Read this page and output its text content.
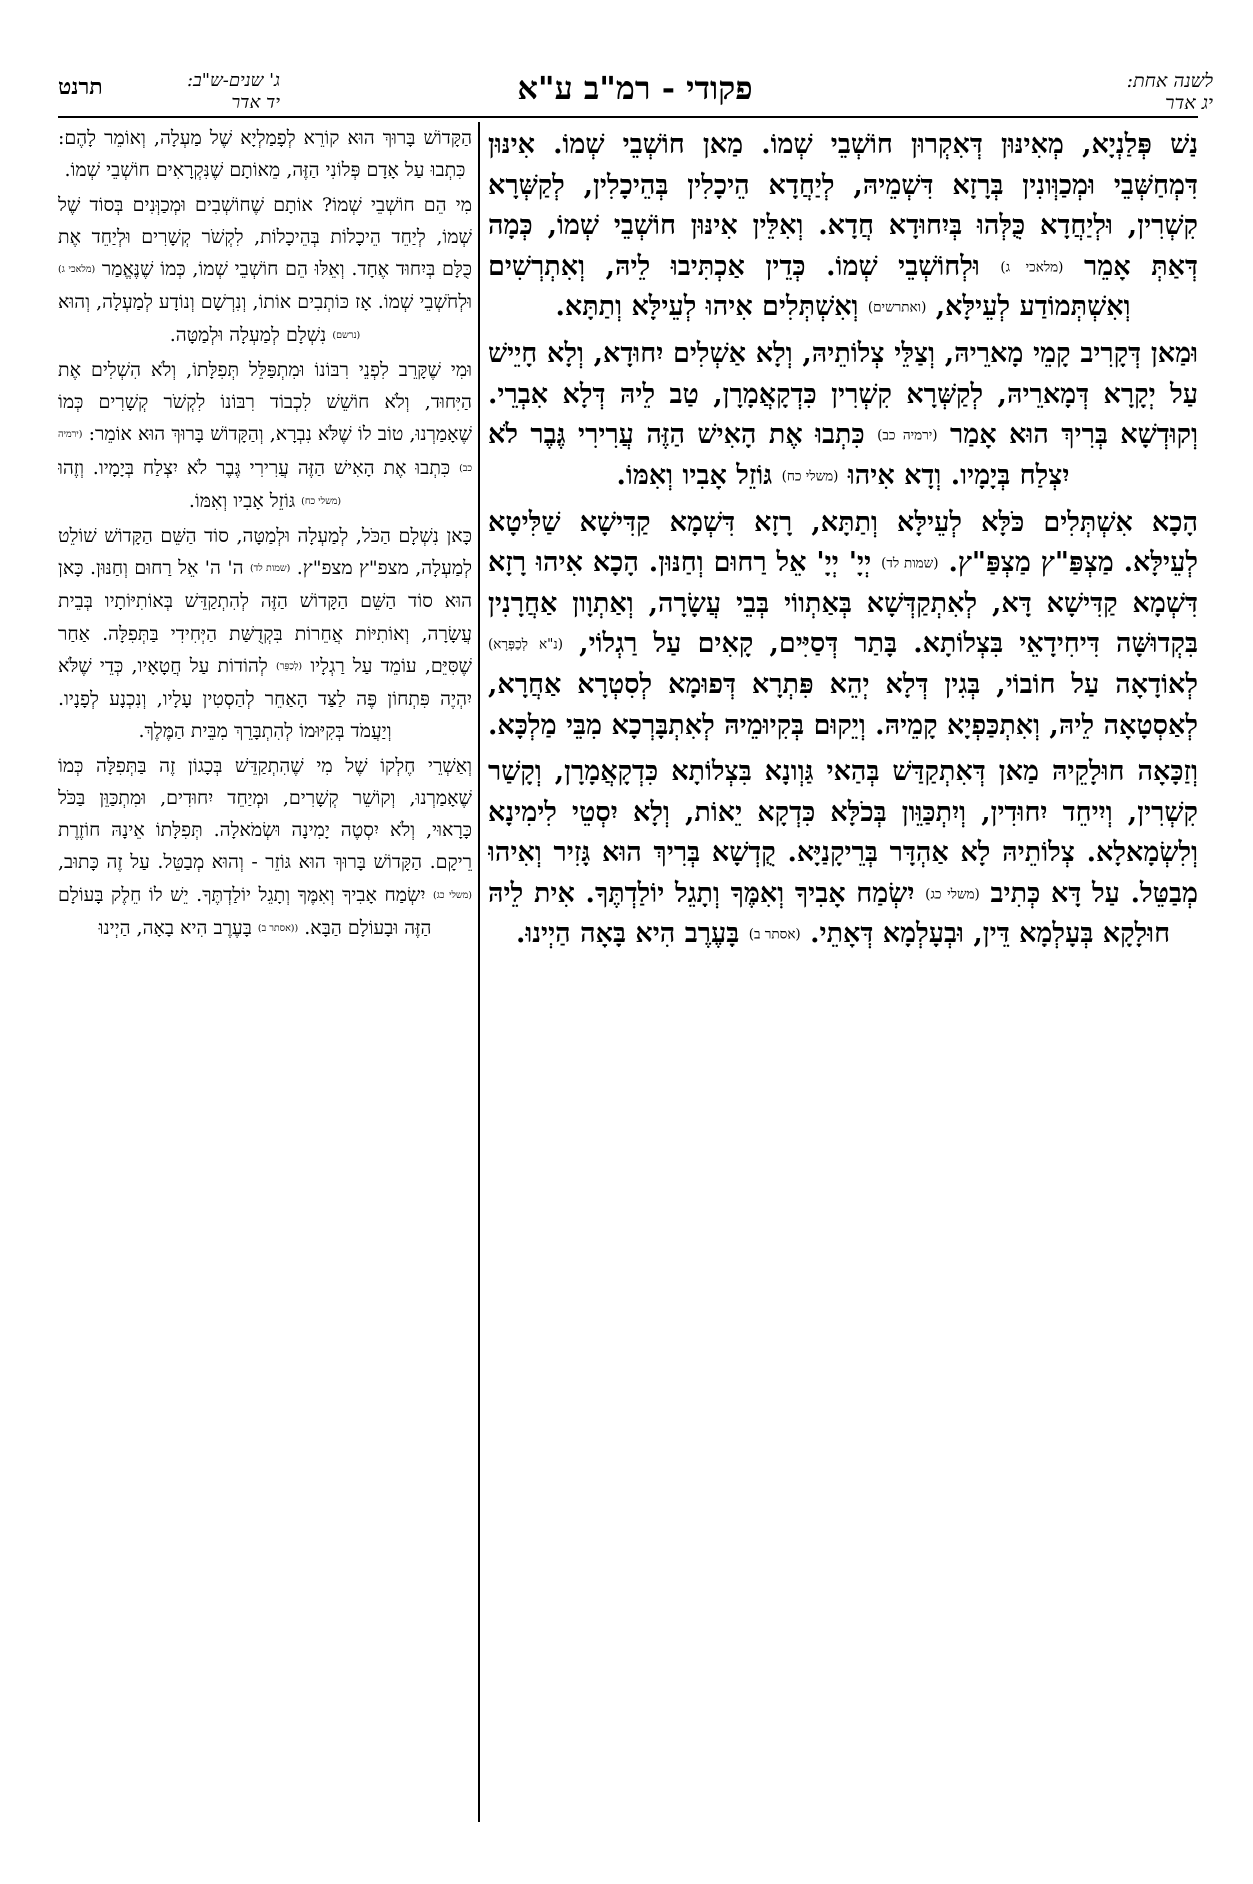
לשנה אחת:
יג אדר
פקודי - רמ"ב ע"א
ג' שנים-ש"ב:
יד אדר
תרנט

נַשׁ פְּלַנְיָא, מְאִינּוּן דְּאִקְרוּן חוֹשְׁבֵי שְׁמוֹ. מַאן חוֹשְׁבֵי שְׁמוֹ. אִינּוּן דִּמְחַשְּׁבֵי וּמְכַוְּונִין בְּרָזָא דִּשְׁמֵיהּ, לְיַחֲדָא הֵיכָלִין בְּהֵיכָלִין, לְקַשְּׁרָא קִשְׁרִין, וּלְיַחֲדָא כֻּלְּהוּ בְּיִחוּדָא חֲדָא. וְאִלֵּין אִינּוּן חוֹשְׁבֵי שְׁמוֹ, כְּמָה דְּאַתְּ אָמֵר (מלאכי ג) וּלְחוֹשְׁבֵי שְׁמוֹ. כְּדֵין אַכְתִּיבוּ לֵיהּ, וְאִתְרְשִׁים וְאִשְׁתְּמוֹדַע לְעֵילָּא, (ואתרשים) וְאִשְׁתְּלִים אִיהוּ לְעֵילָּא וְתַתָּא.

וּמַאן דְּקָרִיב קָמֵי מָארֵיהּ, וְצַלֵּי צְלוֹתֵיהּ, וְלָא אַשְׁלִים יִחוּדָא, וְלָא חָיֵישׁ עַל יְקָרָא דְּמָארֵיהּ, לְקַשְּׁרָא קִשְׁרִין כִּדְקָאֲמָרָן, טַב לֵיהּ דְּלָא אִבְרֵי. וְקוּדְשָׁא בְּרִיךְ הוּא אָמַר (ירמיה כב) כִּתְבוּ אֶת הָאִישׁ הַזֶּה עֲרִירִי גֶּבֶר לֹא יִצְלַח בְּיָמָיו. וְדָא אִיהוּ (משלי כח) גּוֹזֵל אָבִיו וְאִמּוֹ.

הָכָא אִשְׁתְּלִים כֹּלָּא לְעֵילָּא וְתַתָּא, רָזָא דִּשְׁמָא קַדִּישָׁא שַׁלִּיטָא לְעֵילָּא. מַצְפַּ"ץ מַצְפַּ"ץ. (שמות לד) יְיָ' יְיָ' אֵל רַחוּם וְחַנּוּן. הָכָא אִיהוּ רָזָא דִּשְׁמָא קַדִּישָׁא דָּא, לְאִתְקַדְּשָׁא בְּאַתְווֹי בְּבֵי עֲשָׂרָה, וְאַתְוָון אַחֲרָנִין בִּקְדוּשָּׁה דִּיחִידָאֵי בִּצְלוֹתָא. בָּתַר דְּסַיִּים, קָאִים עַל רַגְלוֹי, (נ"א לְכַפְּרָא) לְאוֹדָאָה עַל חוֹבוֹי, בְּגִין דְּלָא יְהֵא פִּתְרָא דְּפוּמָא לְסִטְרָא אַחֲרָא, לְאַסְטָאָה לֵיהּ, וְאִתְכַּפְיָא קָמֵיהּ. וְיֵקוּם בְּקִיוּמֵיהּ לְאִתְבָּרְכָא מִבֵּי מַלְכָּא.

וְזַכָּאָה חוּלָקֵיהּ מַאן דְּאִתְקַדַּשׁ בְּהַאי גַּוְונָא בִּצְלוֹתָא כִּדְקָאֲמָרָן, וְקָשַׁר קִשְׁרִין, וְיִיחֵד יִחוּדִין, וְיִתְכַּוֵּון בְּכֹלָּא כִּדְקָא יֵאוֹת, וְלָא יִסְטֵי לִימִינָא וְלִשְׂמָאלָא. צְלוֹתֵיהּ לָא אַהְדָּר בְּרֵיקָנַיָּא. קֻדְשָׁא בְּרִיךְ הוּא גָּזִיר וְאִיהוּ מְבַטֵּל. עַל דָּא כְּתִיב (משלי כג) יִשְׂמַח אָבִיךָ וְאִמֶּךָ וְתָגֵל יוֹלַדְתֶּךָ. אִית לֵיהּ חוּלָקָא בְּעָלְמָא דֵּין, וּבְעָלְמָא דְּאָתֵי. (אסתר ב) בָּעֶרֶב הִיא בָּאָה הַיְינוּ.

הַקָּדוֹשׁ בָּרוּךְ הוּא קוֹרֵא לְפָמַלְיָא שֶׁל מַעְלָה, וְאוֹמֵר לָהֶם: כִּתְבוּ עַל אָדָם פְּלוֹנִי הַזֶּה, מֵאוֹתָם שֶׁנִּקְרָאִים חוֹשְׁבֵי שְׁמוֹ.

מִי הֵם חוֹשְׁבֵי שְׁמוֹ? אוֹתָם שֶׁחוֹשְׁבִים וּמְכַוְּנִים בְּסוֹד שֶׁל שְׁמוֹ, לְיַחֵד הֵיכָלוֹת בְּהֵיכָלוֹת, לִקְשֹׁר קְשָׁרִים וּלְיַחֵד אֶת כֻּלָּם בְּיִחוּד אֶחָד. וְאֵלּוּ הֵם חוֹשְׁבֵי שְׁמוֹ, כְּמוֹ שֶׁנֶּאֱמַר (מלאכי ג) וּלְחֹשְׁבֵי שְׁמוֹ. אָז כּוֹתְבִים אוֹתוֹ, וְנִרְשָׁם וְנוֹדָע לְמַעְלָה, וְהוּא (נרשם) נִשְׁלָם לְמַעְלָה וּלְמַטָּה.

וּמִי שֶׁקָּרֵב לִפְנֵי רִבּוֹנוֹ וּמִתְפַּלֵּל תְּפִלָּתוֹ, וְלֹא הִשְׁלִים אֶת הַיִּחוּד, וְלֹא חוֹשֵׁשׁ לִכְבוֹד רִבּוֹנוֹ לִקְשֹׁר קְשָׁרִים כְּמוֹ שֶׁאָמַרְנוּ, טוֹב לוֹ שֶׁלֹּא נִבְרָא, וְהַקָּדוֹשׁ בָּרוּךְ הוּא אוֹמֵר: (ירמיה כב) כִּתְבוּ אֶת הָאִישׁ הַזֶּה עֲרִירִי גֶּבֶר לֹא יִצְלַח בְּיָמָיו. וְזֶהוּ (משלי כח) גּוֹזֵל אָבִיו וְאִמּוֹ.

כָּאן נִשְׁלָם הַכֹּל, לְמַעְלָה וּלְמַטָּה, סוֹד הַשֵּׁם הַקָּדוֹשׁ שׁוֹלֵט לְמַעְלָה, מצפ"ץ מצפ"ץ. (שמות לד) ה' ה' אֵל רַחוּם וְחַנּוּן. כָּאן הוּא סוֹד הַשֵּׁם הַקָּדוֹשׁ הַזֶּה לְהִתְקַדֵּשׁ בְּאוֹתִיּוֹתָיו בְּבֵית עֲשָׂרָה, וְאוֹתִיּוֹת אֲחֵרוֹת בִּקְדֻשַּׁת הַיְּחִידִי בַּתְּפִלָּה. אַחַר שֶׁסִּיֵּם, עוֹמֵד עַל רַגְלָיו (לְכַפֵּר) לְהוֹדוֹת עַל חֲטָאָיו, כְּדֵי שֶׁלֹּא יִהְיֶה פִּתְחוֹן פֶּה לַצַּד הָאַחֵר לְהַסְטִין עָלָיו, וְנִכְנָע לְפָנָיו. וְיַעֲמֹד בְּקִיּוּמוֹ לְהִתְבָּרֵךְ מִבֵּית הַמֶּלֶךְ.

וְאַשְׁרֵי חֶלְקוֹ שֶׁל מִי שֶׁהִתְקַדֵּשׁ בְּכָגוֹן זֶה בַּתְּפִלָּה כְּמוֹ שֶׁאָמַרְנוּ, וְקוֹשֵׁר קְשָׁרִים, וּמְיַחֵד יִחוּדִים, וּמִתְכַּוֵּן בַּכֹּל כָּרָאוּי, וְלֹא יִסְטֶה יָמִינָה וּשְׂמֹאלָה. תְּפִלָּתוֹ אֵינָהּ חוֹזֶרֶת רֵיקָם. הַקָּדוֹשׁ בָּרוּךְ הוּא גּוֹזֵר - וְהוּא מְבַטֵּל. עַל זֶה כָּתוּב, (משלי כג) יִשְׂמַח אָבִיךָ וְאִמֶּךָ וְתָגֵל יוֹלַדְתֶּךָ. יֵשׁ לוֹ חֵלֶק בָּעוֹלָם הַזֶּה וּבָעוֹלָם הַבָּא. ((אסתר ב) בָּעֶרֶב הִיא בָאָה, הַיְינוּ
